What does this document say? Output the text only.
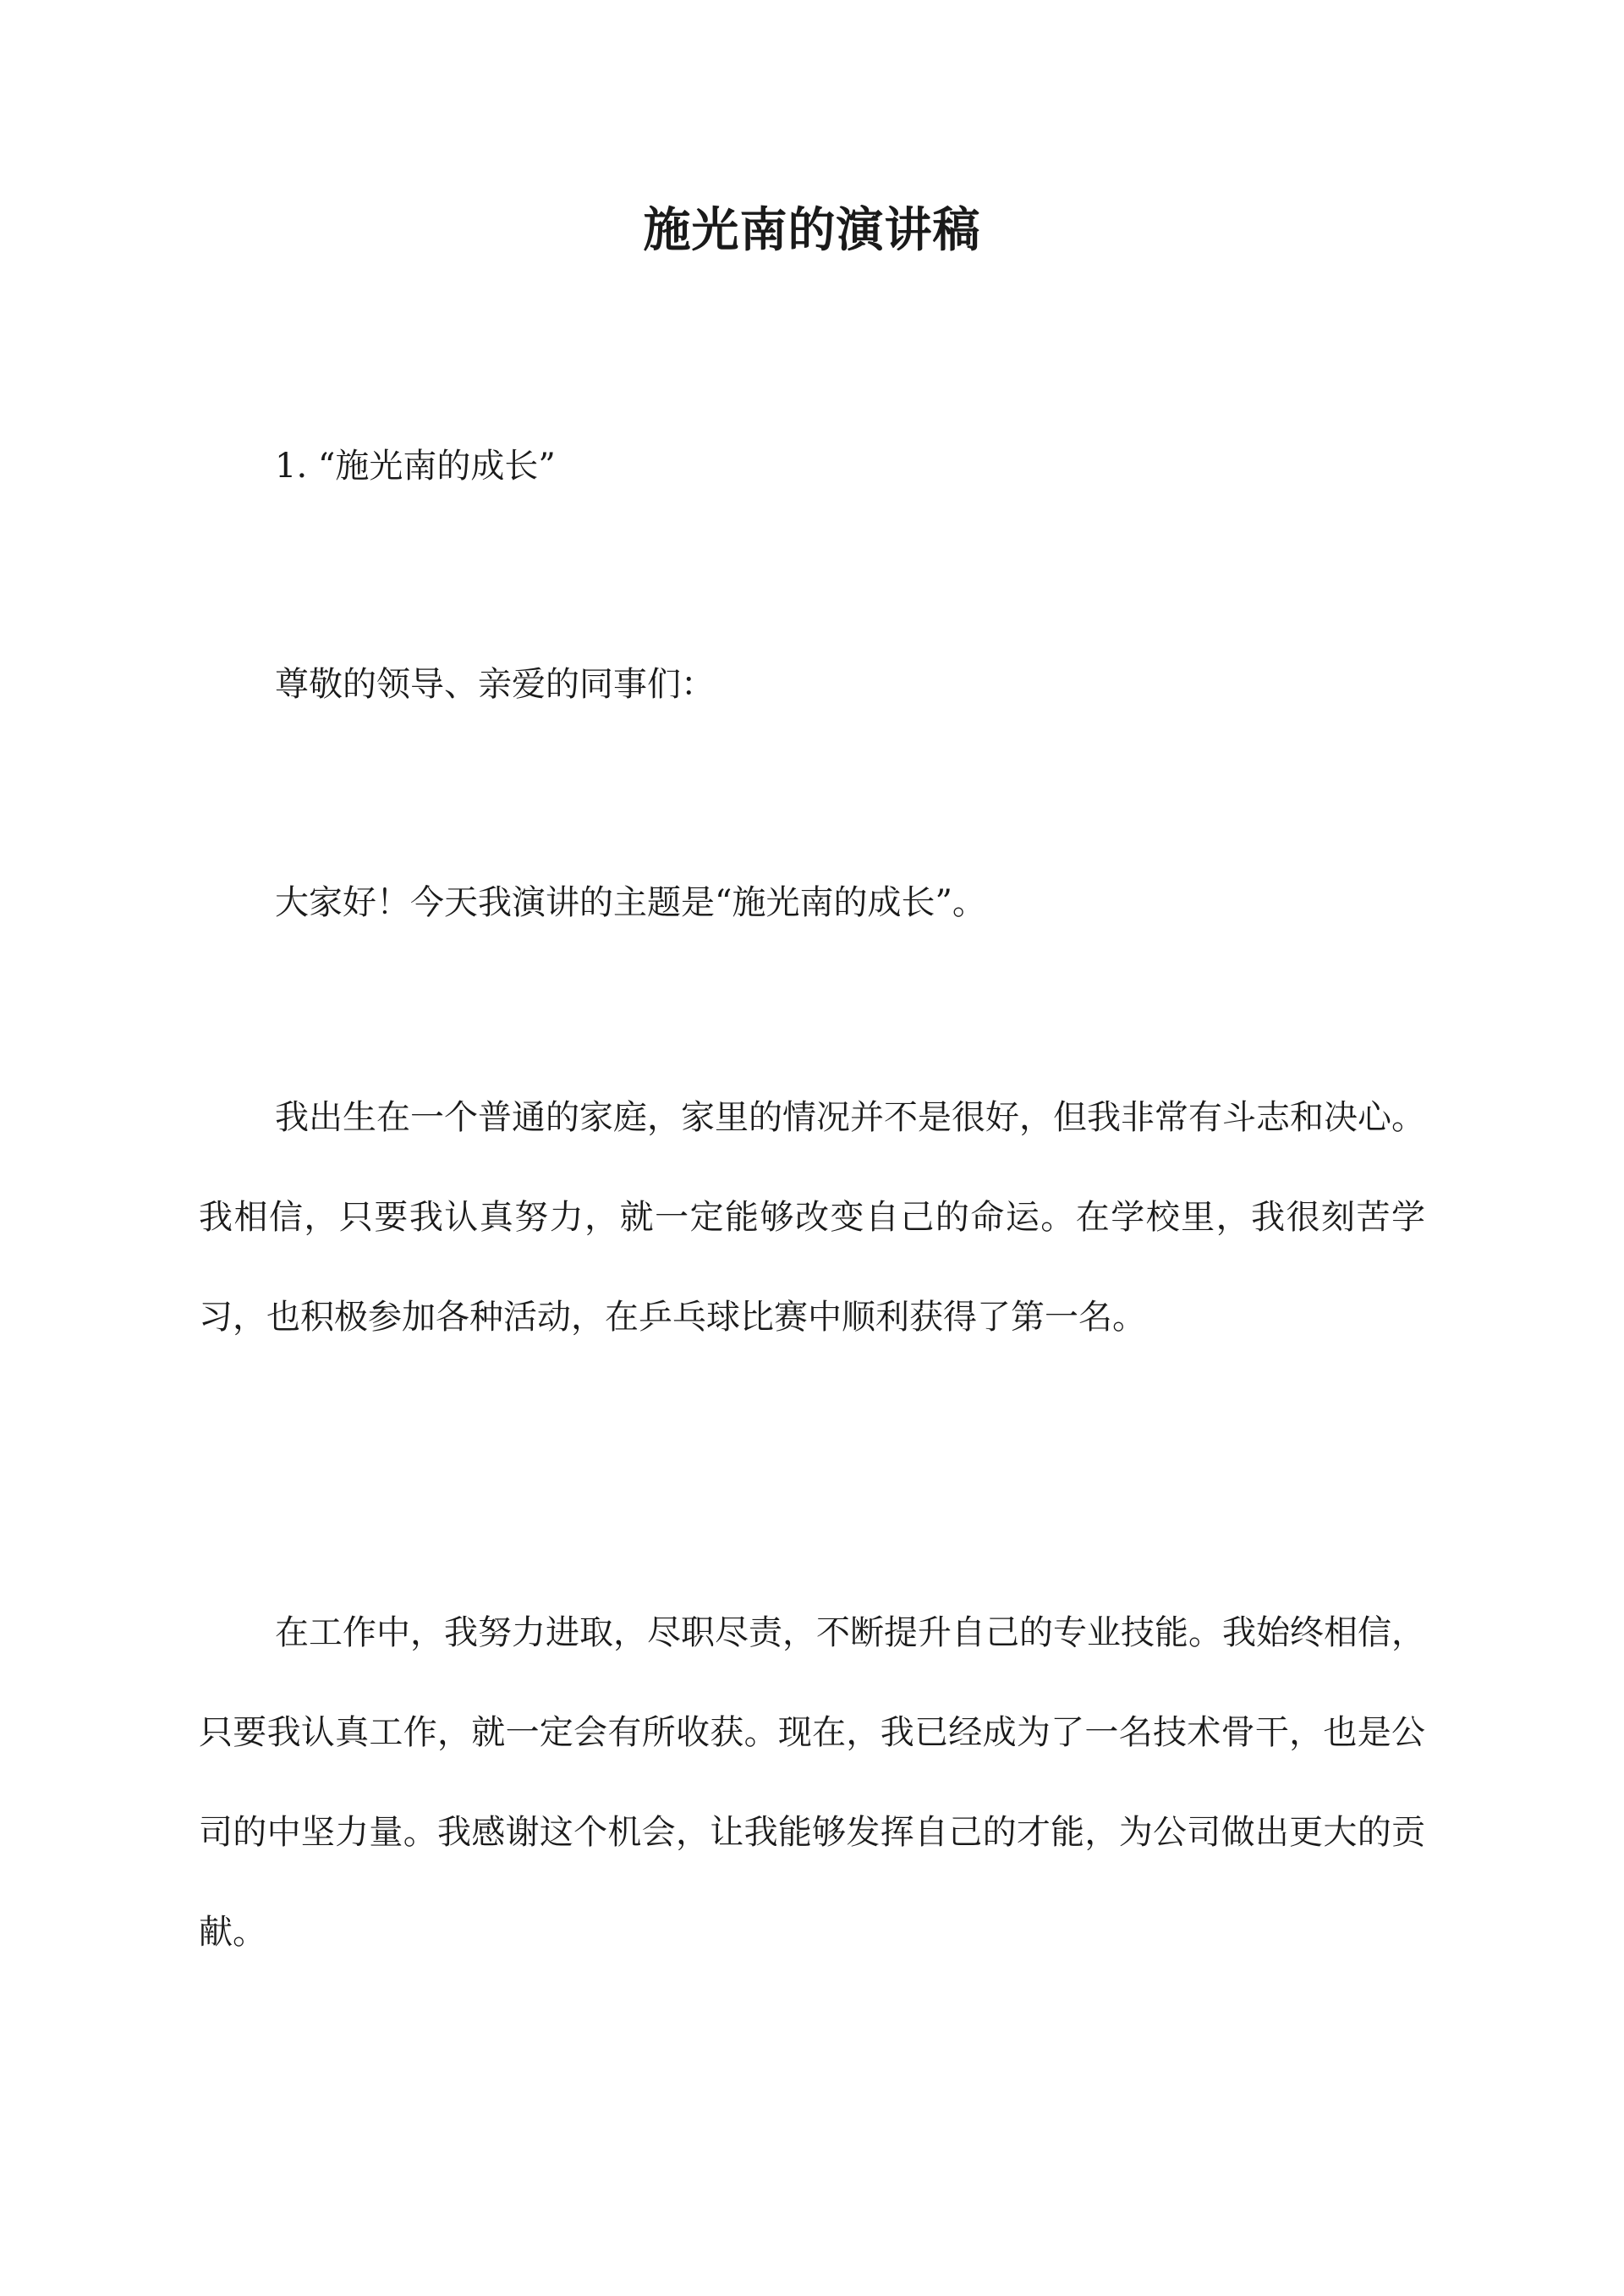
施光南的演讲稿

1. “施光南的成长”

尊敬的领导、亲爱的同事们：

大家好！今天我演讲的主题是“施光南的成长”。

我出生在一个普通的家庭，家里的情况并不是很好，但我非常有斗志和决心。我相信，只要我认真努力，就一定能够改变自己的命运。在学校里，我很刻苦学习，也积极参加各种活动，在乒乓球比赛中顺利获得了第一名。

在工作中，我努力进取，尽职尽责，不断提升自己的专业技能。我始终相信，只要我认真工作，就一定会有所收获。现在，我已经成为了一名技术骨干，也是公司的中坚力量。我感谢这个机会，让我能够发挥自己的才能，为公司做出更大的贡献。
